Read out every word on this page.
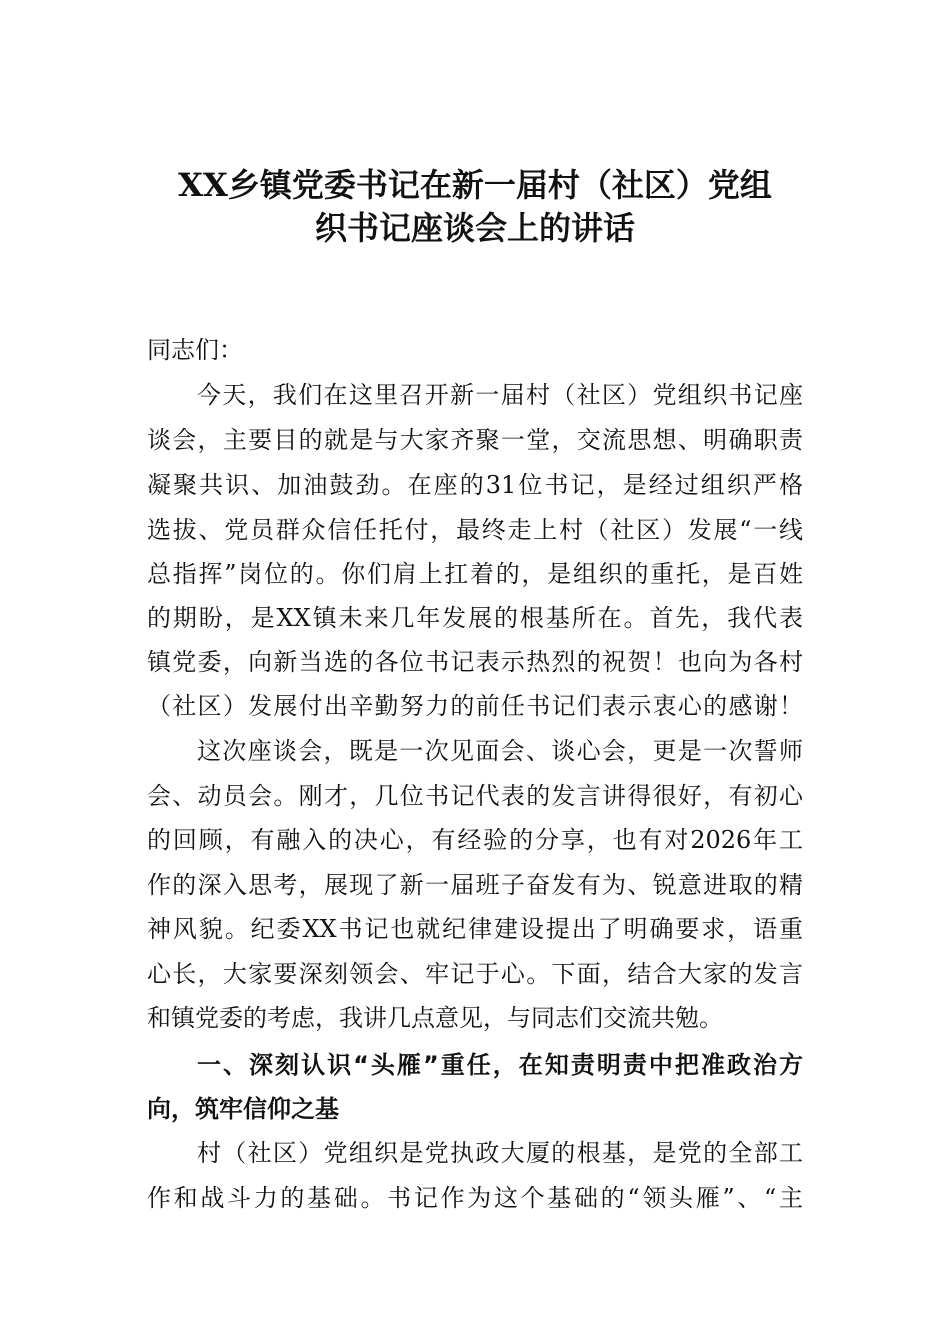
XX乡镇党委书记在新一届村（社区）党组
织书记座谈会上的讲话
同志们：
今天，我们在这里召开新一届村（社区）党组织书记座
谈会，主要目的就是与大家齐聚一堂，交流思想、明确职责
凝聚共识、加油鼓劲。在座的31位书记，是经过组织严格
选拔、党员群众信任托付，最终走上村（社区）发展“一线
总指挥”岗位的。你们肩上扛着的，是组织的重托，是百姓
的期盼，是XX镇未来几年发展的根基所在。首先，我代表
镇党委，向新当选的各位书记表示热烈的祝贺！也向为各村
（社区）发展付出辛勤努力的前任书记们表示衷心的感谢！
这次座谈会，既是一次见面会、谈心会，更是一次誓师
会、动员会。刚才，几位书记代表的发言讲得很好，有初心
的回顾，有融入的决心，有经验的分享，也有对2026年工
作的深入思考，展现了新一届班子奋发有为、锐意进取的精
神风貌。纪委XX书记也就纪律建设提出了明确要求，语重
心长，大家要深刻领会、牢记于心。下面，结合大家的发言
和镇党委的考虑，我讲几点意见，与同志们交流共勉。
一、深刻认识“头雁”重任，在知责明责中把准政治方
向，筑牢信仰之基
村（社区）党组织是党执政大厦的根基，是党的全部工
作和战斗力的基础。书记作为这个基础的“领头雁”、“主
